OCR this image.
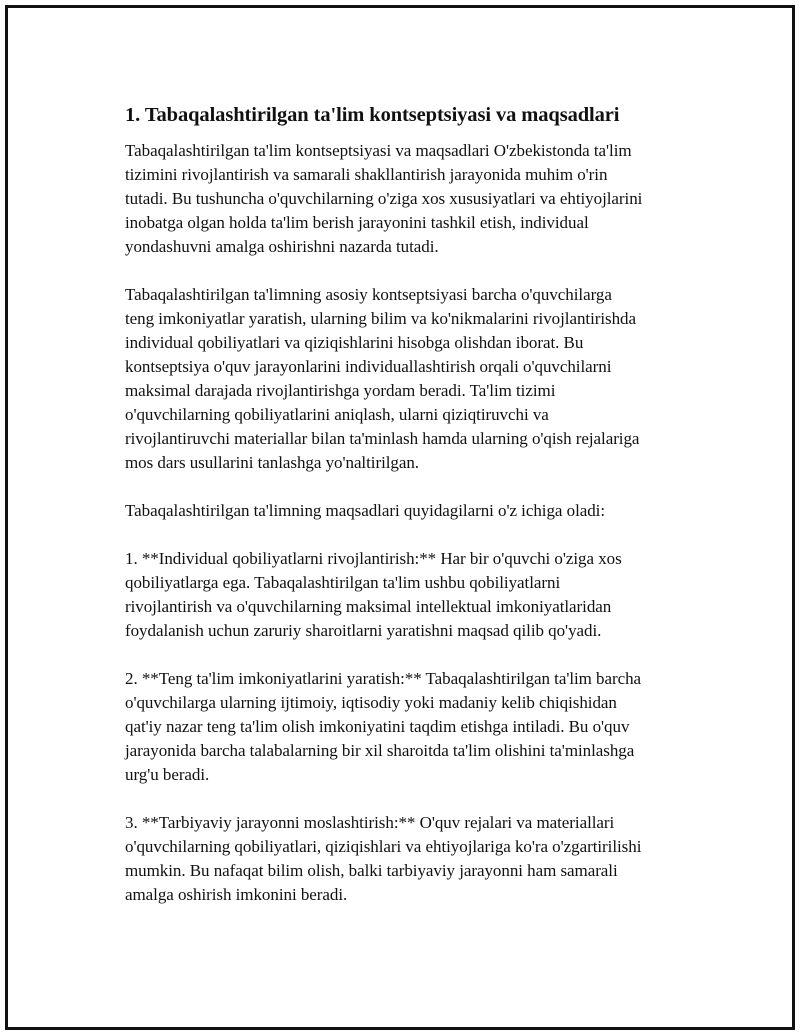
1. Tabaqalashtirilgan ta'lim kontseptsiyasi va maqsadlari

Tabaqalashtirilgan ta'lim kontseptsiyasi va maqsadlari O'zbekistonda ta'lim
tizimini rivojlantirish va samarali shakllantirish jarayonida muhim o'rin
tutadi. Bu tushuncha o'quvchilarning o'ziga xos xususiyatlari va ehtiyojlarini
inobatga olgan holda ta'lim berish jarayonini tashkil etish, individual
yondashuvni amalga oshirishni nazarda tutadi.

Tabaqalashtirilgan ta'limning asosiy kontseptsiyasi barcha o'quvchilarga
teng imkoniyatlar yaratish, ularning bilim va ko'nikmalarini rivojlantirishda
individual qobiliyatlari va qiziqishlarini hisobga olishdan iborat. Bu
kontseptsiya o'quv jarayonlarini individuallashtirish orqali o'quvchilarni
maksimal darajada rivojlantirishga yordam beradi. Ta'lim tizimi
o'quvchilarning qobiliyatlarini aniqlash, ularni qiziqtiruvchi va
rivojlantiruvchi materiallar bilan ta'minlash hamda ularning o'qish rejalariga
mos dars usullarini tanlashga yo'naltirilgan.

Tabaqalashtirilgan ta'limning maqsadlari quyidagilarni o'z ichiga oladi:

1. **Individual qobiliyatlarni rivojlantirish:** Har bir o'quvchi o'ziga xos
qobiliyatlarga ega. Tabaqalashtirilgan ta'lim ushbu qobiliyatlarni
rivojlantirish va o'quvchilarning maksimal intellektual imkoniyatlaridan
foydalanish uchun zaruriy sharoitlarni yaratishni maqsad qilib qo'yadi.

2. **Teng ta'lim imkoniyatlarini yaratish:** Tabaqalashtirilgan ta'lim barcha
o'quvchilarga ularning ijtimoiy, iqtisodiy yoki madaniy kelib chiqishidan
qat'iy nazar teng ta'lim olish imkoniyatini taqdim etishga intiladi. Bu o'quv
jarayonida barcha talabalarning bir xil sharoitda ta'lim olishini ta'minlashga
urg'u beradi.

3. **Tarbiyaviy jarayonni moslashtirish:** O'quv rejalari va materiallari
o'quvchilarning qobiliyatlari, qiziqishlari va ehtiyojlariga ko'ra o'zgartirilishi
mumkin. Bu nafaqat bilim olish, balki tarbiyaviy jarayonni ham samarali
amalga oshirish imkonini beradi.
